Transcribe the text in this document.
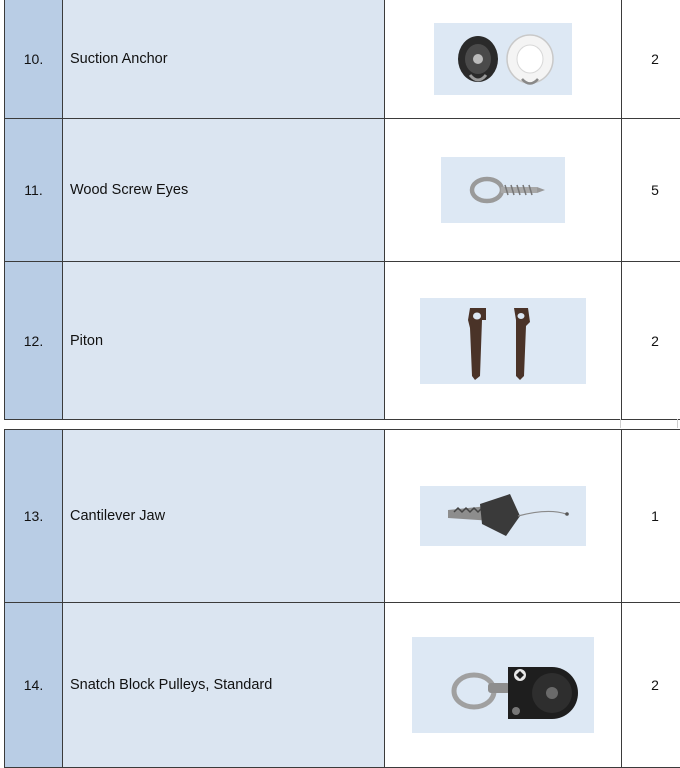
10.	Suction Anchor		2
11.	Wood Screw Eyes		5
12.	Piton		2
13.	Cantilever Jaw		1
14.	Snatch Block Pulleys, Standard		2
